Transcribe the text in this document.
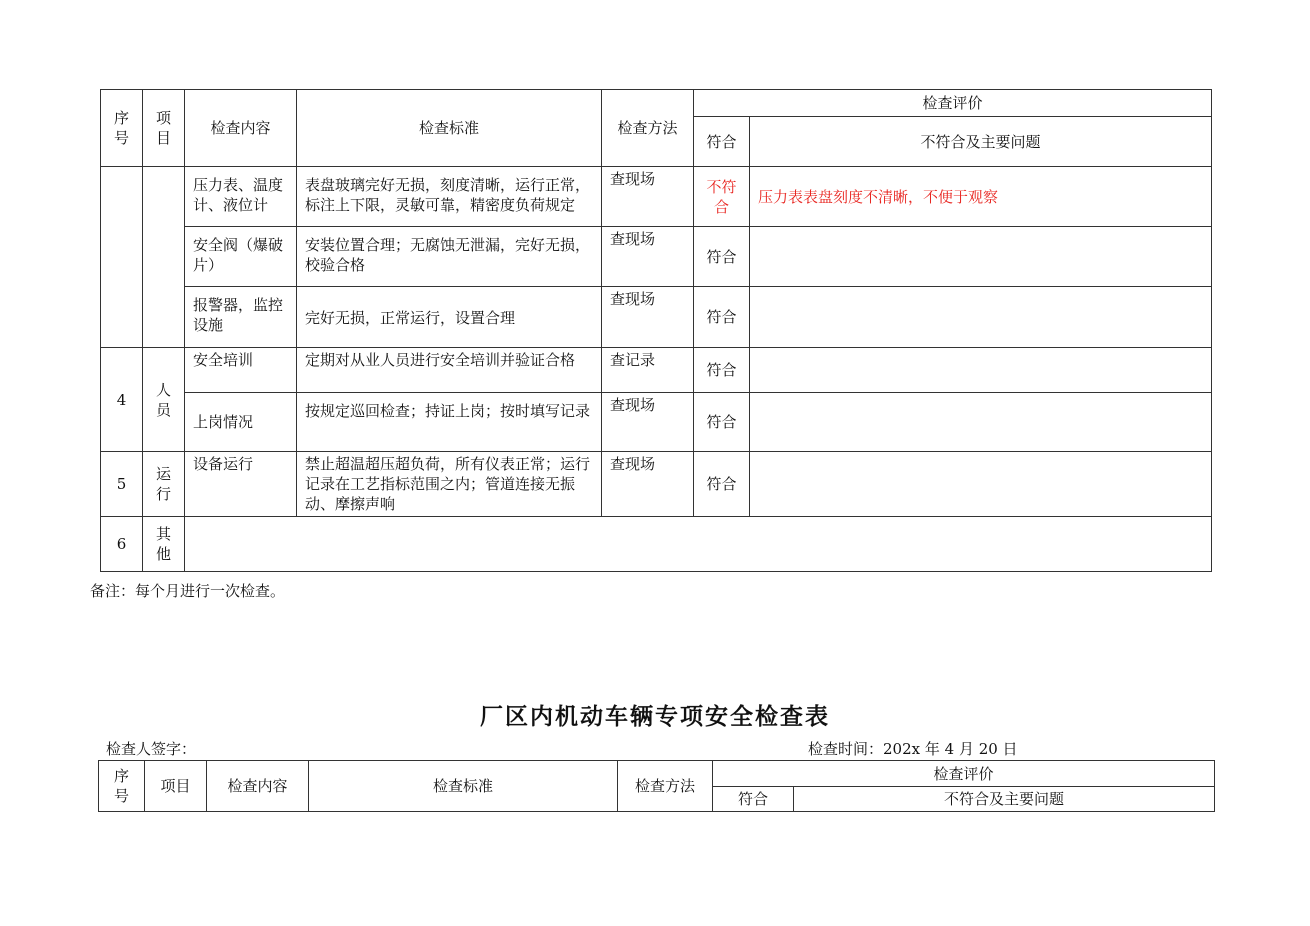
序号	项目	检查内容	检查标准	检查方法	检查评价	
					符合	不符合及主要问题
		压力表、温度计、液位计	表盘玻璃完好无损，刻度清晰，运行正常，标注上下限，灵敏可靠，精密度负荷规定	查现场	不符合	压力表表盘刻度不清晰，不便于观察
		安全阀（爆破片）	安装位置合理；无腐蚀无泄漏，完好无损，校验合格	查现场	符合	
		报警器，监控设施	完好无损，正常运行，设置合理	查现场	符合	
4	人员	安全培训	定期对从业人员进行安全培训并验证合格	查记录	符合	
		上岗情况	按规定巡回检查；持证上岗；按时填写记录	查现场	符合	
5	运行	设备运行	禁止超温超压超负荷，所有仪表正常；运行记录在工艺指标范围之内；管道连接无振动、摩擦声响	查现场	符合	
6	其他					
备注：每个月进行一次检查。
厂区内机动车辆专项安全检查表
检查人签字：	检查时间：202x 年 4 月 20 日
序号	项目	检查内容	检查标准	检查方法	检查评价	
					符合	不符合及主要问题
